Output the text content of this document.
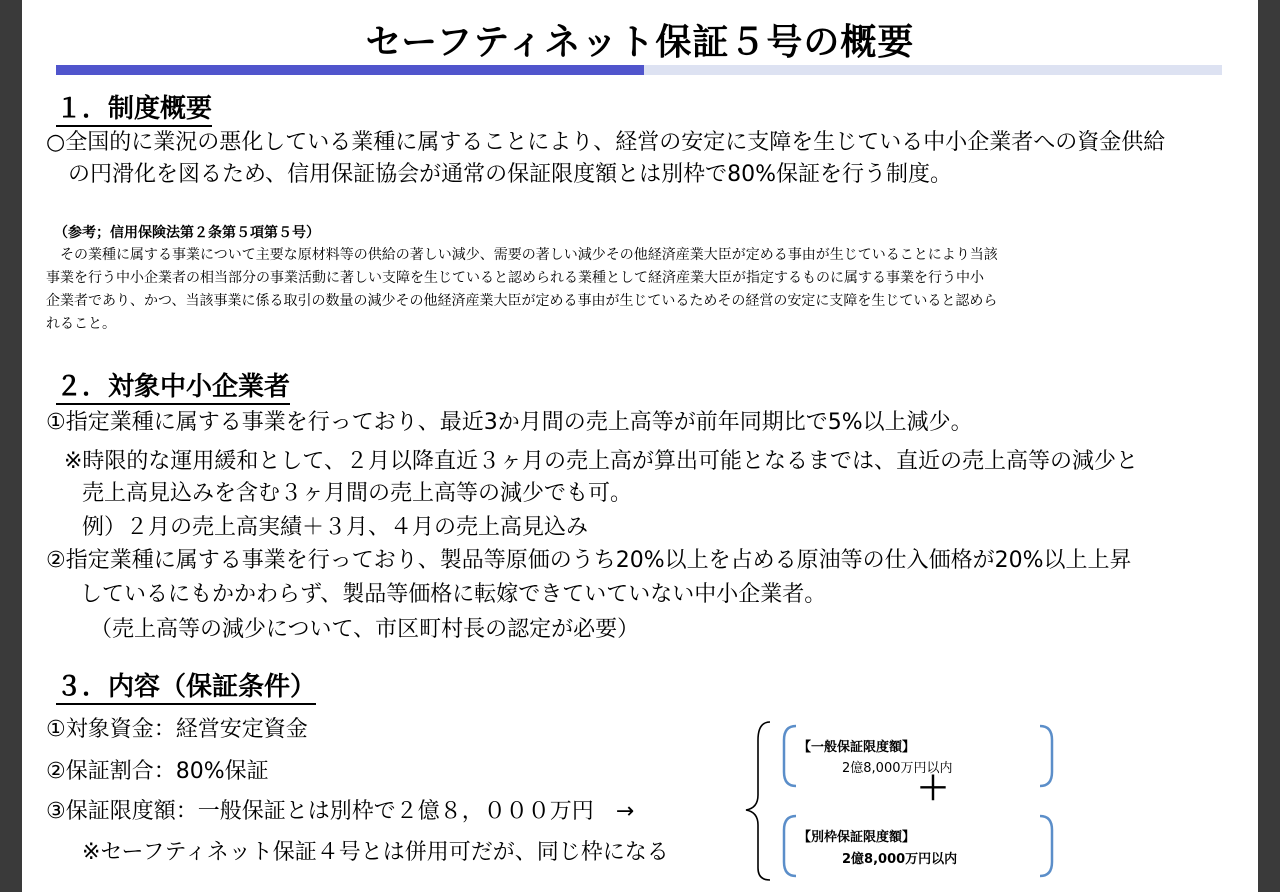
セーフティネット保証５号の概要
１．制度概要
○全国的に業況の悪化している業種に属することにより、経営の安定に支障を生じている中小企業者への資金供給
の円滑化を図るため、信用保証協会が通常の保証限度額とは別枠で80%保証を行う制度。
（参考；信用保険法第２条第５項第５号）
その業種に属する事業について主要な原材料等の供給の著しい減少、需要の著しい減少その他経済産業大臣が定める事由が生じていることにより当該
事業を行う中小企業者の相当部分の事業活動に著しい支障を生じていると認められる業種として経済産業大臣が指定するものに属する事業を行う中小
企業者であり、かつ、当該事業に係る取引の数量の減少その他経済産業大臣が定める事由が生じているためその経営の安定に支障を生じていると認めら
れること。
２．対象中小企業者
①指定業種に属する事業を行っており、最近3か月間の売上高等が前年同期比で5%以上減少。
※時限的な運用緩和として、２月以降直近３ヶ月の売上高が算出可能となるまでは、直近の売上高等の減少と
売上高見込みを含む３ヶ月間の売上高等の減少でも可。
例）２月の売上高実績＋３月、４月の売上高見込み
②指定業種に属する事業を行っており、製品等原価のうち20%以上を占める原油等の仕入価格が20%以上上昇
しているにもかかわらず、製品等価格に転嫁できていていない中小企業者。
（売上高等の減少について、市区町村長の認定が必要）
３．内容（保証条件）
①対象資金：経営安定資金
②保証割合：80%保証
③保証限度額：一般保証とは別枠で２億８，０００万円　→
※セーフティネット保証４号とは併用可だが、同じ枠になる
【一般保証限度額】
2億8,000万円以内
＋
【別枠保証限度額】
2億8,000万円以内
